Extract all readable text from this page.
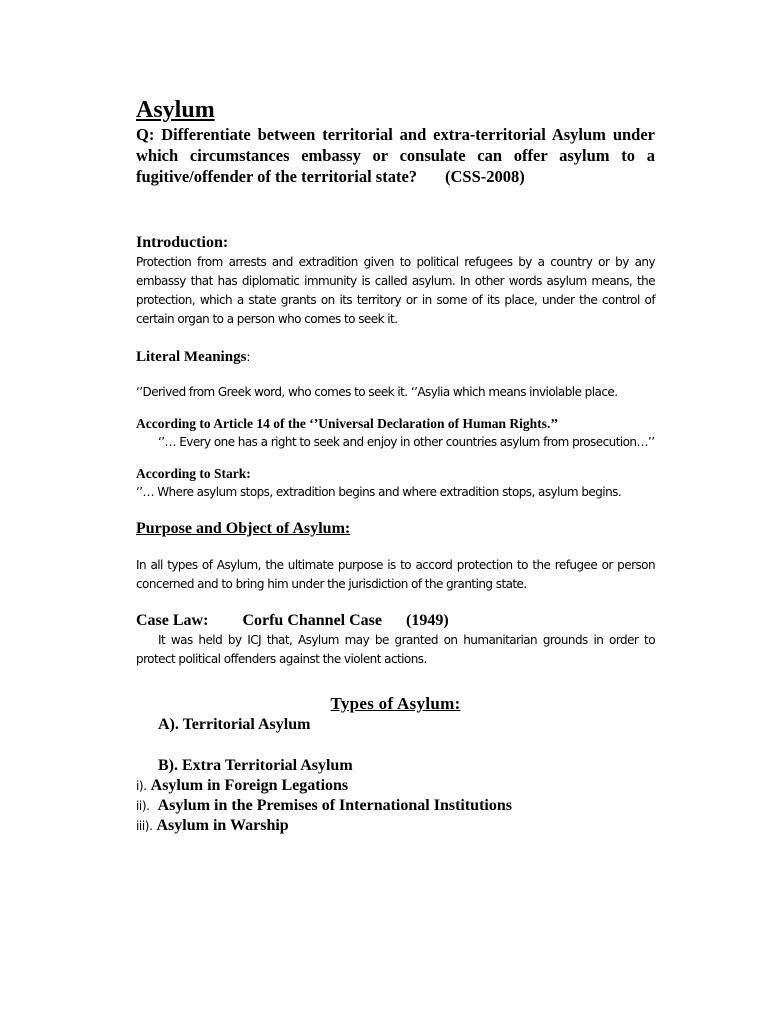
Asylum

Q: Differentiate between territorial and extra-territorial Asylum under which circumstances embassy or consulate can offer asylum to a fugitive/offender of the territorial state? (CSS-2008)

Introduction:

Protection from arrests and extradition given to political refugees by a country or by any embassy that has diplomatic immunity is called asylum. In other words asylum means, the protection, which a state grants on its territory or in some of its place, under the control of certain organ to a person who comes to seek it.

Literal Meanings:

‘’Derived from Greek word, who comes to seek it. ‘’Asylia which means inviolable place.

According to Article 14 of the ‘’Universal Declaration of Human Rights.’’

‘’… Every one has a right to seek and enjoy in other countries asylum from prosecution…’’

According to Stark:

‘’… Where asylum stops, extradition begins and where extradition stops, asylum begins.

Purpose and Object of Asylum:

In all types of Asylum, the ultimate purpose is to accord protection to the refugee or person concerned and to bring him under the jurisdiction of the granting state.

Case Law: Corfu Channel Case (1949)

It was held by ICJ that, Asylum may be granted on humanitarian grounds in order to protect political offenders against the violent actions.

Types of Asylum:

A). Territorial Asylum

B). Extra Territorial Asylum

i). Asylum in Foreign Legations

ii). Asylum in the Premises of International Institutions

iii). Asylum in Warship
